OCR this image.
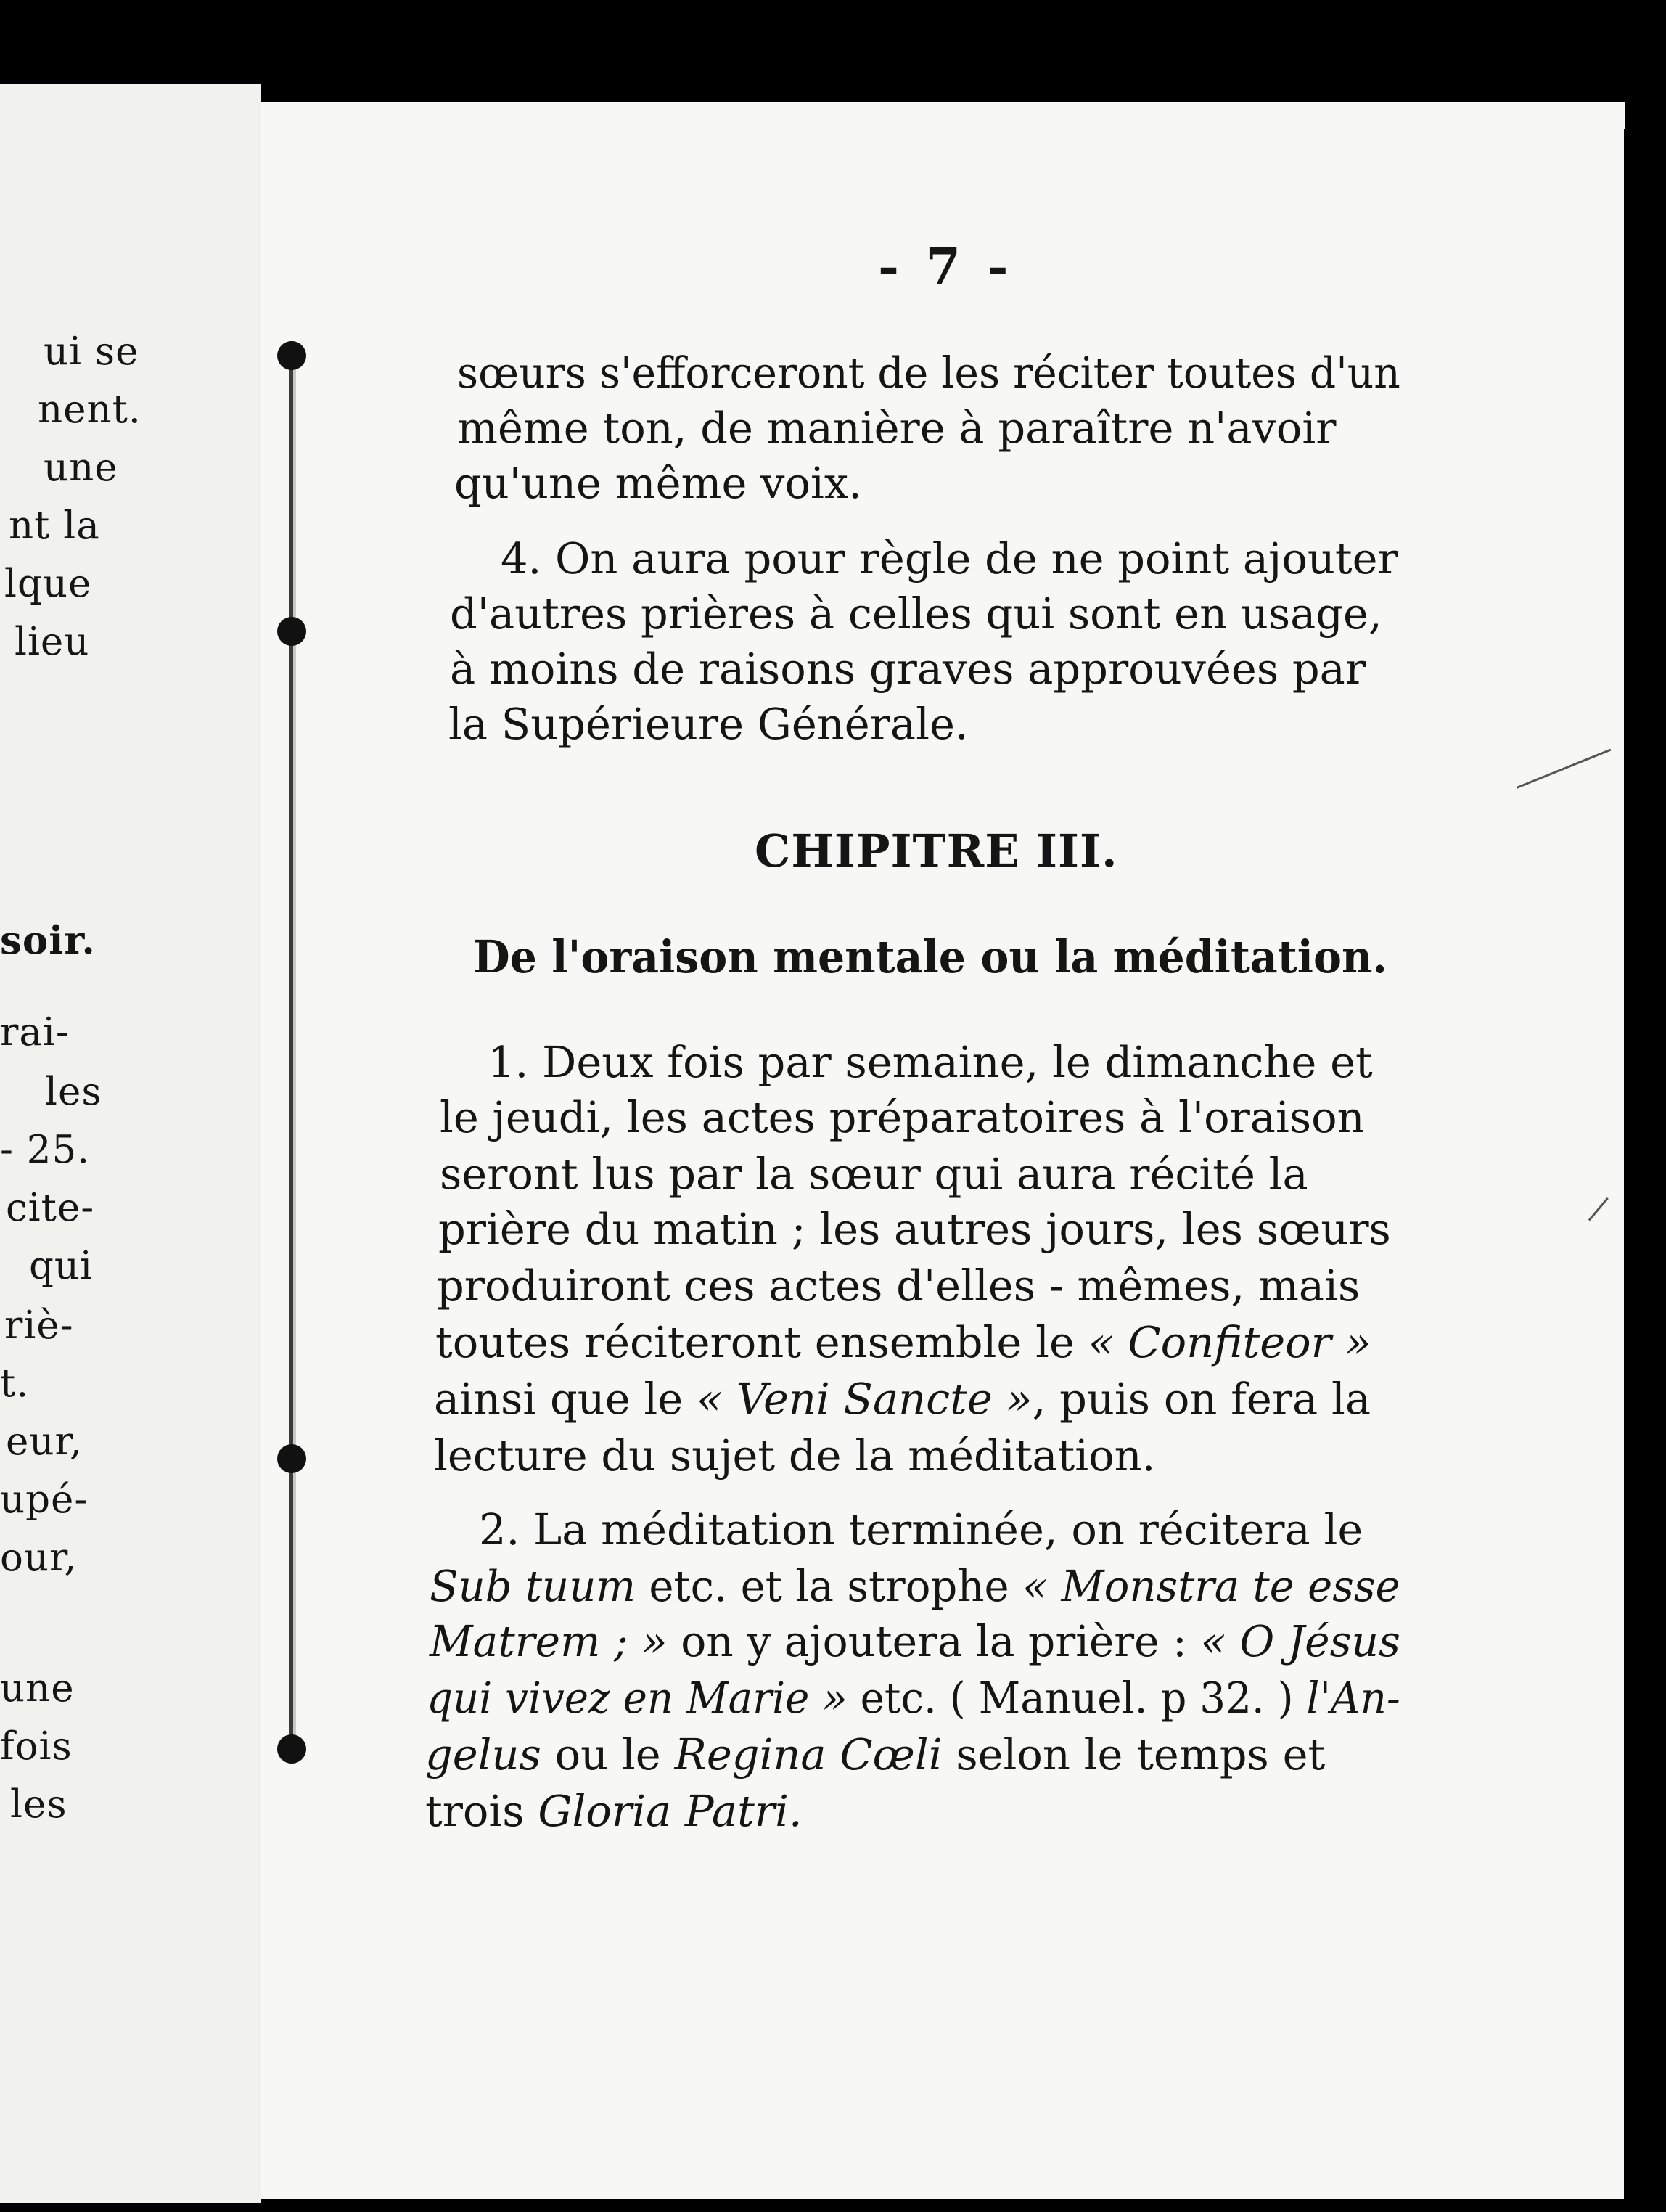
ui se
nent.
une
nt la
lque
lieu
soir.
rai-
les
- 25.
cite-
qui
riè-
t.
eur,
upé-
our,
une
fois
les
- 7 -
sœurs s'efforceront de les réciter toutes d'un
même ton, de manière à paraître n'avoir
qu'une même voix.
4. On aura pour règle de ne point ajouter
d'autres prières à celles qui sont en usage,
à moins de raisons graves approuvées par
la Supérieure Générale.
CHIPITRE III.
De l'oraison mentale ou la méditation.
1. Deux fois par semaine, le dimanche et
le jeudi, les actes préparatoires à l'oraison
seront lus par la sœur qui aura récité la
prière du matin ; les autres jours, les sœurs
produiront ces actes d'elles - mêmes, mais
toutes réciteront ensemble le « Confiteor »
ainsi que le « Veni Sancte », puis on fera la
lecture du sujet de la méditation.
2. La méditation terminée, on récitera le
Sub tuum etc. et la strophe « Monstra te esse
Matrem ; » on y ajoutera la prière : « O Jésus
qui vivez en Marie » etc. ( Manuel. p 32. ) l'An-
gelus ou le Regina Cœli selon le temps et
trois Gloria Patri.
